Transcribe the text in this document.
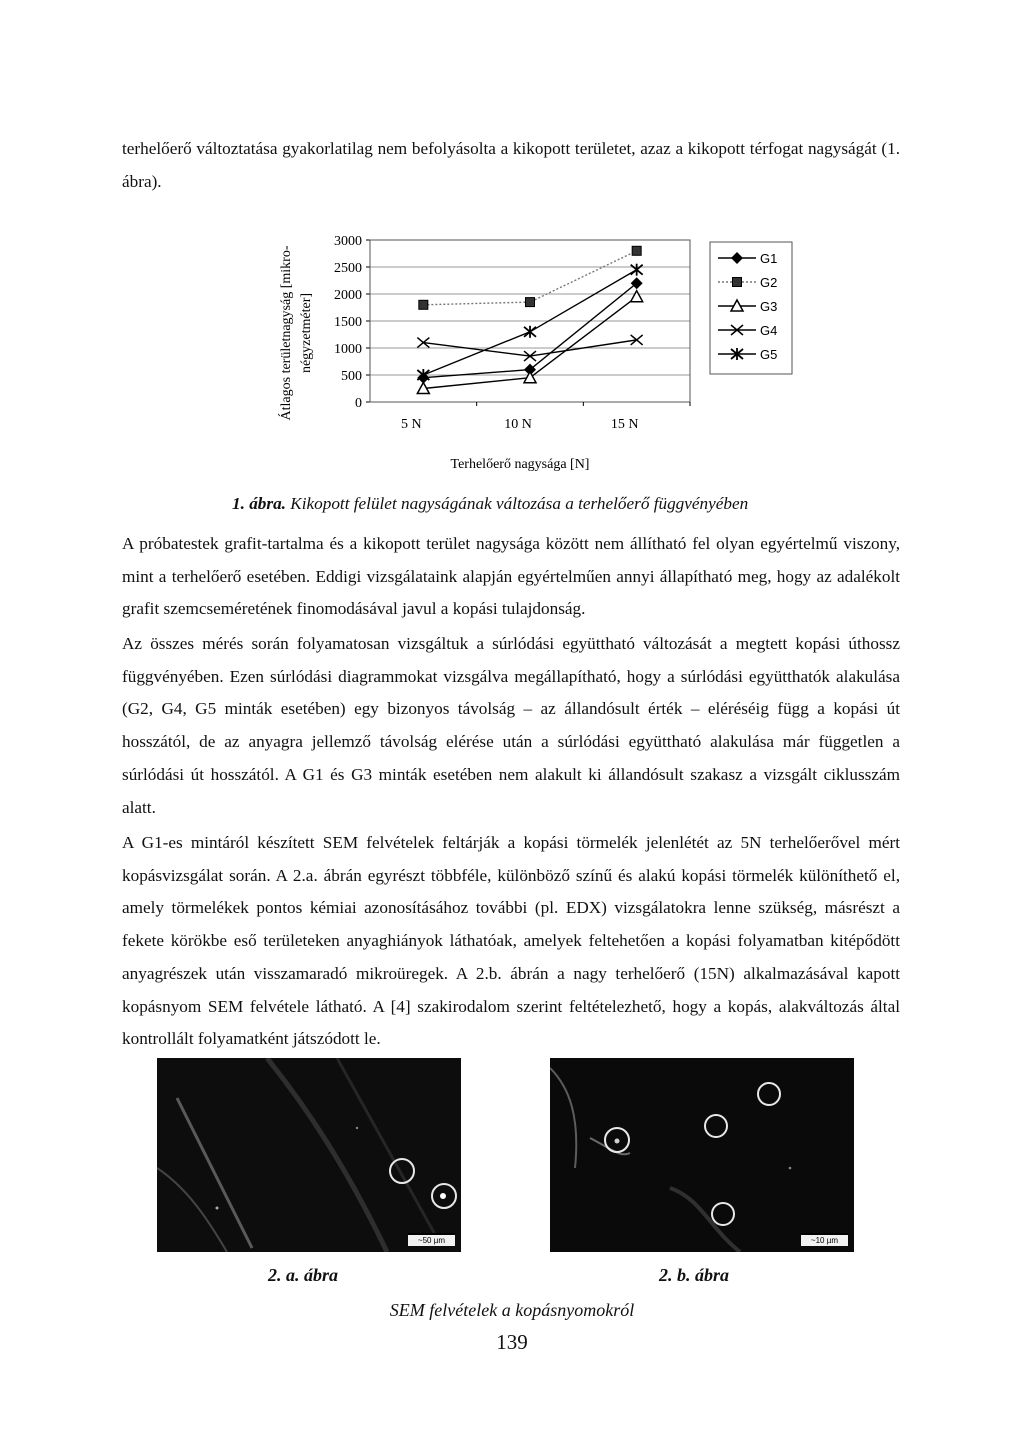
terhelőerő változtatása gyakorlatilag nem befolyásolta a kikopott területet, azaz a kikopott térfogat nagyságát (1. ábra).
0
500
1000
1500
2000
2500
3000
5 N	10 N	15 N
Terhelőerő nagysága [N]
Átlagos területnagyság [mikro- négyzetméter]
G1
G2
G3
G4
G5
1. ábra. Kikopott felület nagyságának változása a terhelőerő függvényében
A próbatestek grafit-tartalma és a kikopott terület nagysága között nem állítható fel olyan egyértelmű viszony, mint a terhelőerő esetében. Eddigi vizsgálataink alapján egyértelműen annyi állapítható meg, hogy az adalékolt grafit szemcseméretének finomodásával javul a kopási tulajdonság.
Az összes mérés során folyamatosan vizsgáltuk a súrlódási együttható változását a megtett kopási úthossz függvényében. Ezen súrlódási diagrammokat vizsgálva megállapítható, hogy a súrlódási együtthatók alakulása (G2, G4, G5 minták esetében) egy bizonyos távolság – az állandósult érték – eléréséig függ a kopási út hosszától, de az anyagra jellemző távolság elérése után a súrlódási együttható alakulása már független a súrlódási út hosszától. A G1 és G3 minták esetében nem alakult ki állandósult szakasz a vizsgált ciklusszám alatt.
A G1-es mintáról készített SEM felvételek feltárják a kopási törmelék jelenlétét az 5N terhelőerővel mért kopásvizsgálat során. A 2.a. ábrán egyrészt többféle, különböző színű és alakú kopási törmelék különíthető el, amely törmelékek pontos kémiai azonosításához további (pl. EDX) vizsgálatokra lenne szükség, másrészt a fekete körökbe eső területeken anyaghiányok láthatóak, amelyek feltehetően a kopási folyamatban kitépődött anyagrészek után visszamaradó mikroüregek. A 2.b. ábrán a nagy terhelőerő (15N) alkalmazásával kapott kopásnyom SEM felvétele látható. A [4] szakirodalom szerint feltételezhető, hogy a kopás, alakváltozás által kontrollált folyamatként játszódott le.
~50 µm	~10 µm
2. a. ábra	2. b. ábra
SEM felvételek a kopásnyomokról
139
